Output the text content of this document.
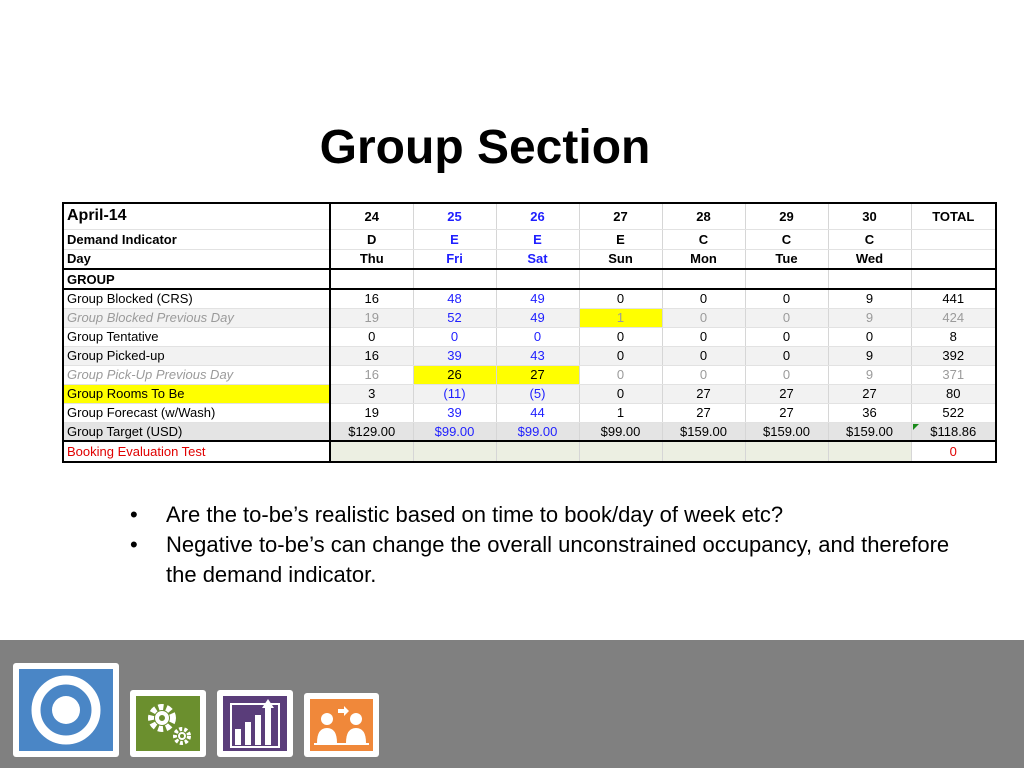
Group Section
April-14	24	25	26	27	28	29	30	TOTAL
Demand Indicator	D	E	E	E	C	C	C	
Day	Thu	Fri	Sat	Sun	Mon	Tue	Wed	
GROUP								
Group Blocked (CRS)	16	48	49	0	0	0	9	441
Group Blocked Previous Day	19	52	49	1	0	0	9	424
Group Tentative	0	0	0	0	0	0	0	8
Group Picked-up	16	39	43	0	0	0	9	392
Group Pick-Up Previous Day	16	26	27	0	0	0	9	371
Group Rooms To Be	3	(11)	(5)	0	27	27	27	80
Group Forecast (w/Wash)	19	39	44	1	27	27	36	522
Group Target (USD)	$129.00	$99.00	$99.00	$99.00	$159.00	$159.00	$159.00	$118.86
Booking Evaluation Test								0
•	Are the to-be’s realistic based on time to book/day of week etc?
•	Negative to-be’s can change the overall unconstrained occupancy, and therefore the demand indicator.
